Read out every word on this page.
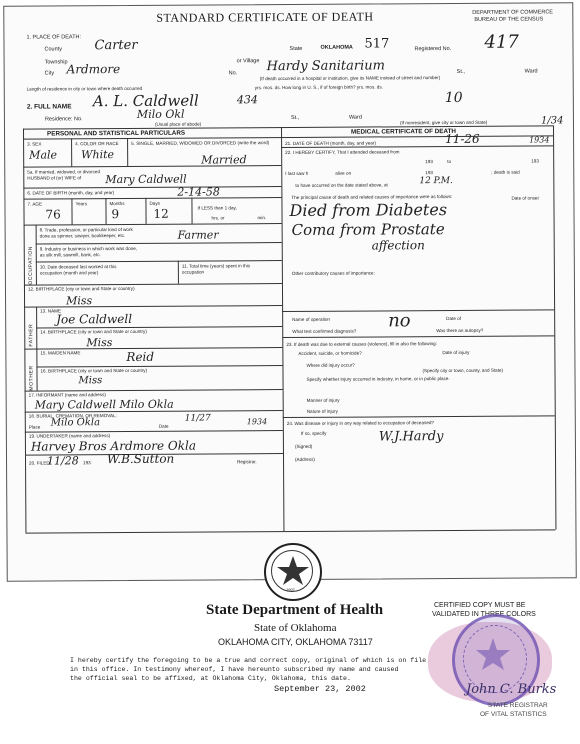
STANDARD CERTIFICATE OF DEATH	DEPARTMENT OF COMMERCE
BUREAU OF THE CENSUS
1. PLACE OF DEATH:
County Carter	State	OKLAHOMA 517	Registered No. 417
Township	or Village
City Ardmore	No. Hardy Sanitarium	St.,	Ward
(If death occurred in a hospital or institution, give its NAME instead of street and number)
Length of residence in city or town where death occurred	yrs. mos. ds. How long in U. S., if of foreign birth? yrs. mos. ds.
2. FULL NAME A. L. Caldwell	434	10
Residence: No.	Milo Okl	St.,	Ward
(Usual place of abode)	(If nonresident, give city or town and State)	1/34
PERSONAL AND STATISTICAL PARTICULARS
3. SEX
Male
4. COLOR OR RACE
White
5. SINGLE, MARRIED, WIDOWED OR DIVORCED (write the word)
Married
5a. If married, widowed, or divorced HUSBAND of (or) WIFE of	Mary Caldwell
6. DATE OF BIRTH (month, day, and year)	2-14-58
7. AGE	Years	Months	Days
76	9	12	If LESS than 1 day,
hrs. or	min.
OCCUPATION
8. Trade, profession, or particular kind of work done as spinner, sawyer, bookkeeper, etc.	Farmer
9. Industry or business in which work was done, as silk mill, sawmill, bank, etc.
10. Date deceased last worked at this occupation (month and year)
11. Total time (years) spent in this occupation
12. BIRTHPLACE (city or town and State or country)
Miss
FATHER
13. NAME
Joe Caldwell
14. BIRTHPLACE (city or town and State or country)
Miss
MOTHER
15. MAIDEN NAME	Reid
16. BIRTHPLACE (city or town and State or country)
Miss
17. INFORMANT (name and address)
Mary Caldwell Milo Okla
18. BURIAL, CREMATION, OR REMOVAL:
Place Milo Okla	Date
11/27	1934
19. UNDERTAKER (name and address)
Harvey Bros Ardmore Okla
20. FILED
11/28 193 W.B.Sutton	Registrar.
MEDICAL CERTIFICATE OF DEATH
21. DATE OF DEATH (month, day, and year)	11-26	1934
22. I HEREBY CERTIFY, That I attended deceased from
193	to	193
I last saw h	alive on	193	; death is said
to have occurred on the date stated above, at	12 P.M.
The principal cause of death and related causes of importance were as follows:
Died from Diabetes
Coma from Prostate
affection
Date of onset
Other contributory causes of importance:
Name of operation	Date of
no
What test confirmed diagnosis?	Was there an autopsy?
23. If death was due to external causes (violence), fill in also the following:
Accident, suicide, or homicide?	Date of injury
Where did injury occur?
(Specify city or town, county, and State)
Specify whether injury occurred in industry, in home, or in public place.
Manner of injury
Nature of injury
24. Was disease or injury in any way related to occupation of deceased?
If so, specify
(Signed)
W.J.Hardy
(Address)
1907
State Department of Health
State of Oklahoma
OKLAHOMA CITY, OKLAHOMA 73117
I hereby certify the foregoing to be a true and correct copy, original of which is on file
in this office. In testimony whereof, I have hereunto subscribed my name and caused
the official seal to be affixed, at Oklahoma City, Oklahoma, this date.
September 23, 2002
CERTIFIED COPY MUST BE
VALIDATED IN THREE COLORS
John C. Burks
STATE REGISTRAR
OF VITAL STATISTICS
